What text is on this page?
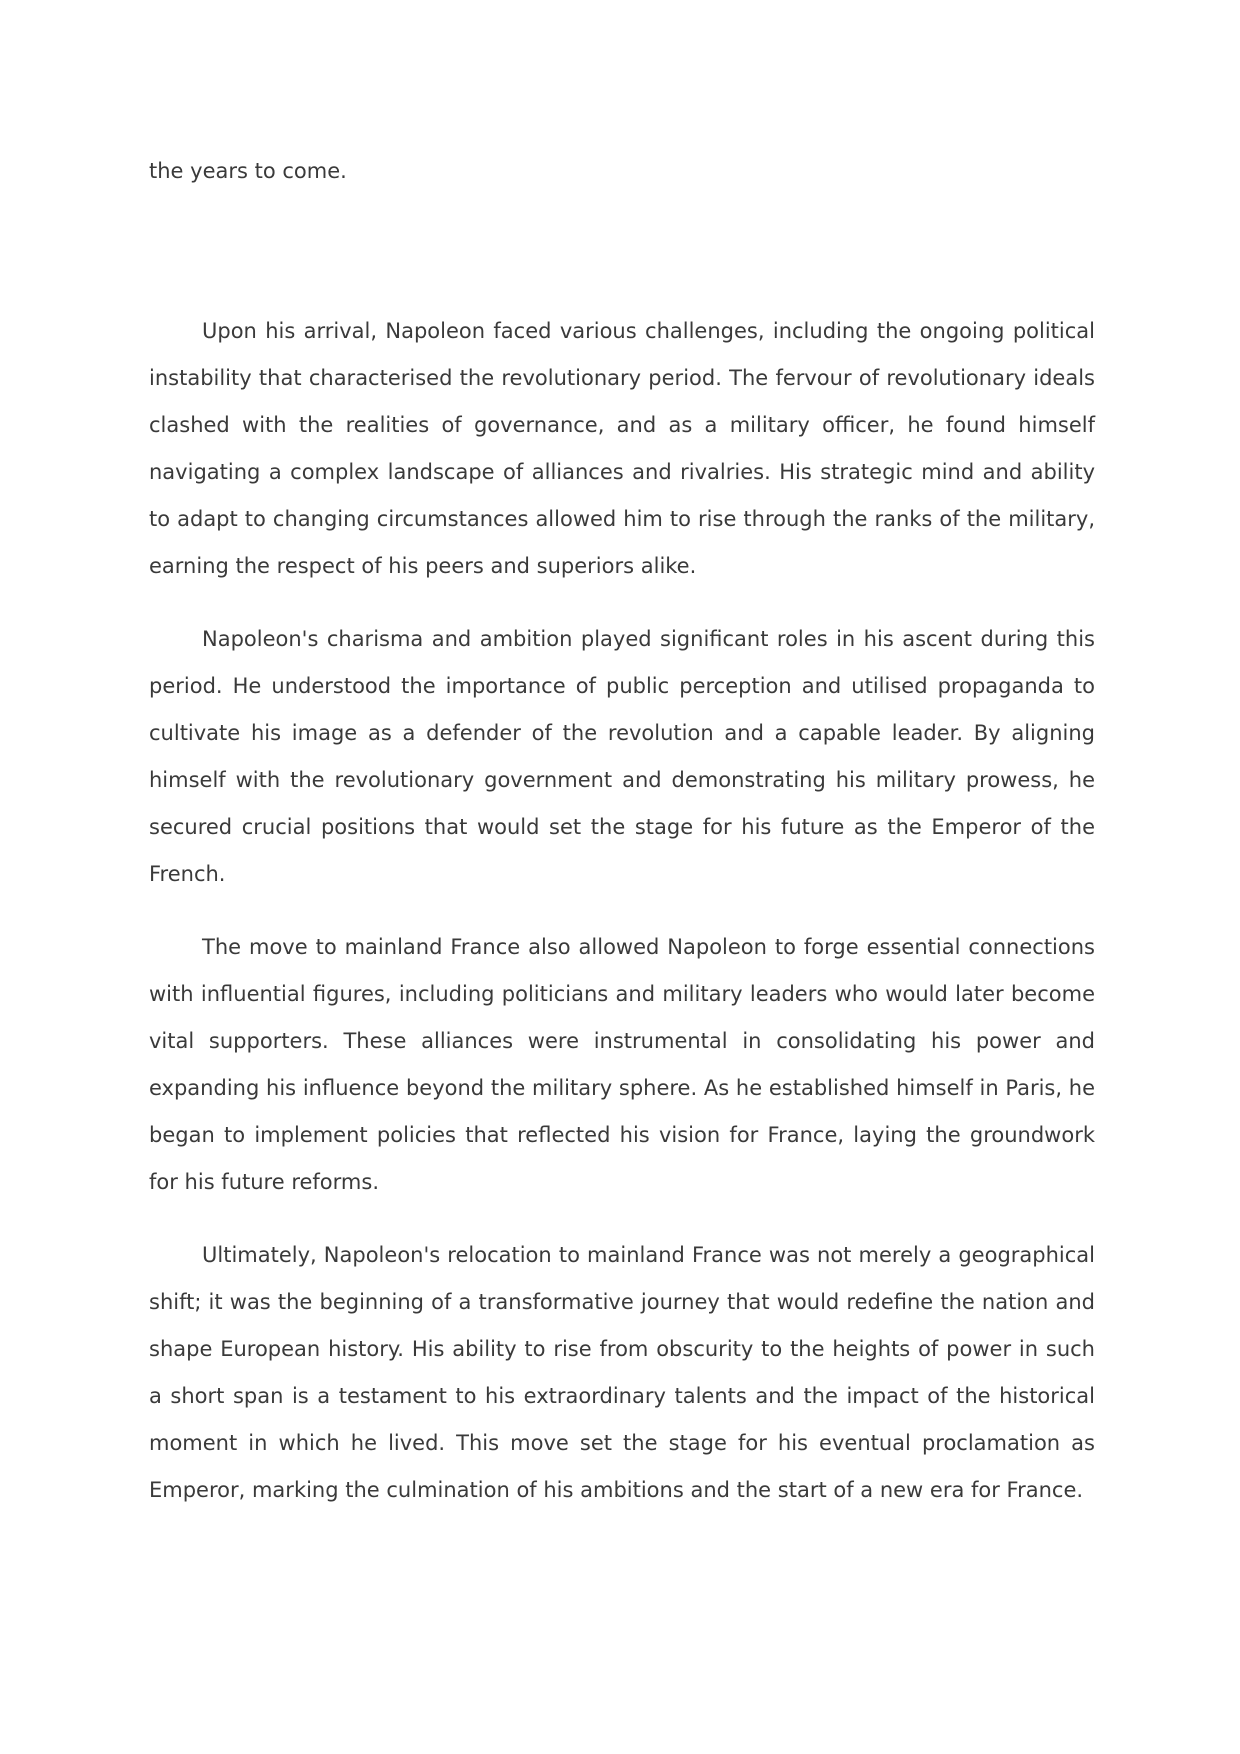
the years to come.

Upon his arrival, Napoleon faced various challenges, including the ongoing political instability that characterised the revolutionary period. The fervour of revolutionary ideals clashed with the realities of governance, and as a military officer, he found himself navigating a complex landscape of alliances and rivalries. His strategic mind and ability to adapt to changing circumstances allowed him to rise through the ranks of the military, earning the respect of his peers and superiors alike.

Napoleon's charisma and ambition played significant roles in his ascent during this period. He understood the importance of public perception and utilised propaganda to cultivate his image as a defender of the revolution and a capable leader. By aligning himself with the revolutionary government and demonstrating his military prowess, he secured crucial positions that would set the stage for his future as the Emperor of the French.

The move to mainland France also allowed Napoleon to forge essential connections with influential figures, including politicians and military leaders who would later become vital supporters. These alliances were instrumental in consolidating his power and expanding his influence beyond the military sphere. As he established himself in Paris, he began to implement policies that reflected his vision for France, laying the groundwork for his future reforms.

Ultimately, Napoleon's relocation to mainland France was not merely a geographical shift; it was the beginning of a transformative journey that would redefine the nation and shape European history. His ability to rise from obscurity to the heights of power in such a short span is a testament to his extraordinary talents and the impact of the historical moment in which he lived. This move set the stage for his eventual proclamation as Emperor, marking the culmination of his ambitions and the start of a new era for France.
